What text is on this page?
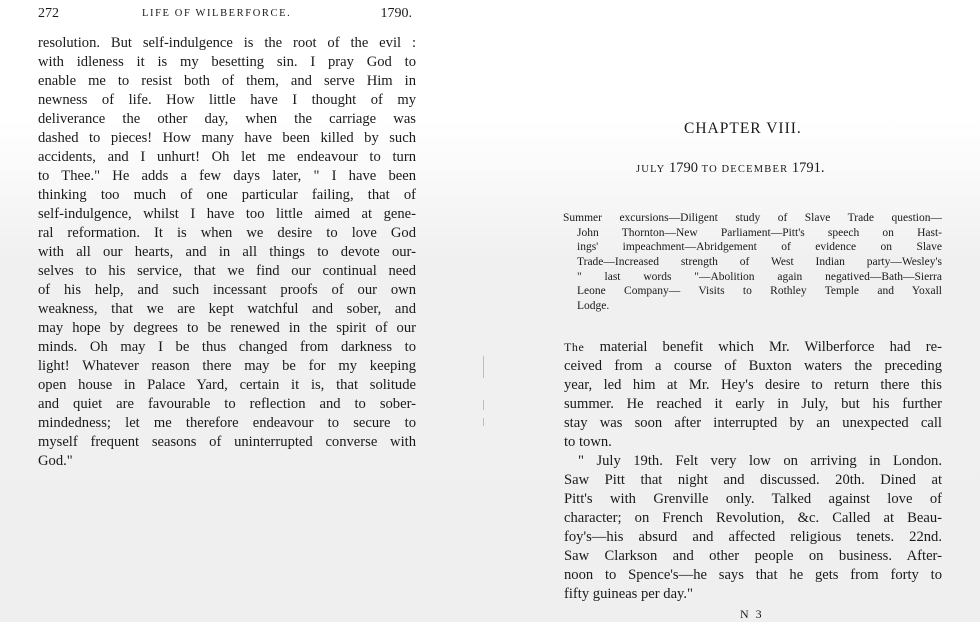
272	LIFE OF WILBERFORCE.	1790.
resolution. But self-indulgence is the root of the evil :
with idleness it is my besetting sin. I pray God to
enable me to resist both of them, and serve Him in
newness of life. How little have I thought of my
deliverance the other day, when the carriage was
dashed to pieces! How many have been killed by such
accidents, and I unhurt! Oh let me endeavour to turn
to Thee." He adds a few days later, " I have been
thinking too much of one particular failing, that of
self-indulgence, whilst I have too little aimed at gene-
ral reformation. It is when we desire to love God
with all our hearts, and in all things to devote our-
selves to his service, that we find our continual need
of his help, and such incessant proofs of our own
weakness, that we are kept watchful and sober, and
may hope by degrees to be renewed in the spirit of our
minds. Oh may I be thus changed from darkness to
light! Whatever reason there may be for my keeping
open house in Palace Yard, certain it is, that solitude
and quiet are favourable to reflection and to sober-
mindedness; let me therefore endeavour to secure to
myself frequent seasons of uninterrupted converse with
God."
CHAPTER VIII.
JULY 1790 TO DECEMBER 1791.
Summer excursions—Diligent study of Slave Trade question—
John Thornton—New Parliament—Pitt's speech on Hast-
ings' impeachment—Abridgement of evidence on Slave
Trade—Increased strength of West Indian party—Wesley's
" last words "—Abolition again negatived—Bath—Sierra
Leone Company— Visits to Rothley Temple and Yoxall
Lodge.
The material benefit which Mr. Wilberforce had re-
ceived from a course of Buxton waters the preceding
year, led him at Mr. Hey's desire to return there this
summer. He reached it early in July, but his further
stay was soon after interrupted by an unexpected call
to town.
" July 19th. Felt very low on arriving in London.
Saw Pitt that night and discussed. 20th. Dined at
Pitt's with Grenville only. Talked against love of
character; on French Revolution, &c. Called at Beau-
foy's—his absurd and affected religious tenets. 22nd.
Saw Clarkson and other people on business. After-
noon to Spence's—he says that he gets from forty to
fifty guineas per day."
N 3
